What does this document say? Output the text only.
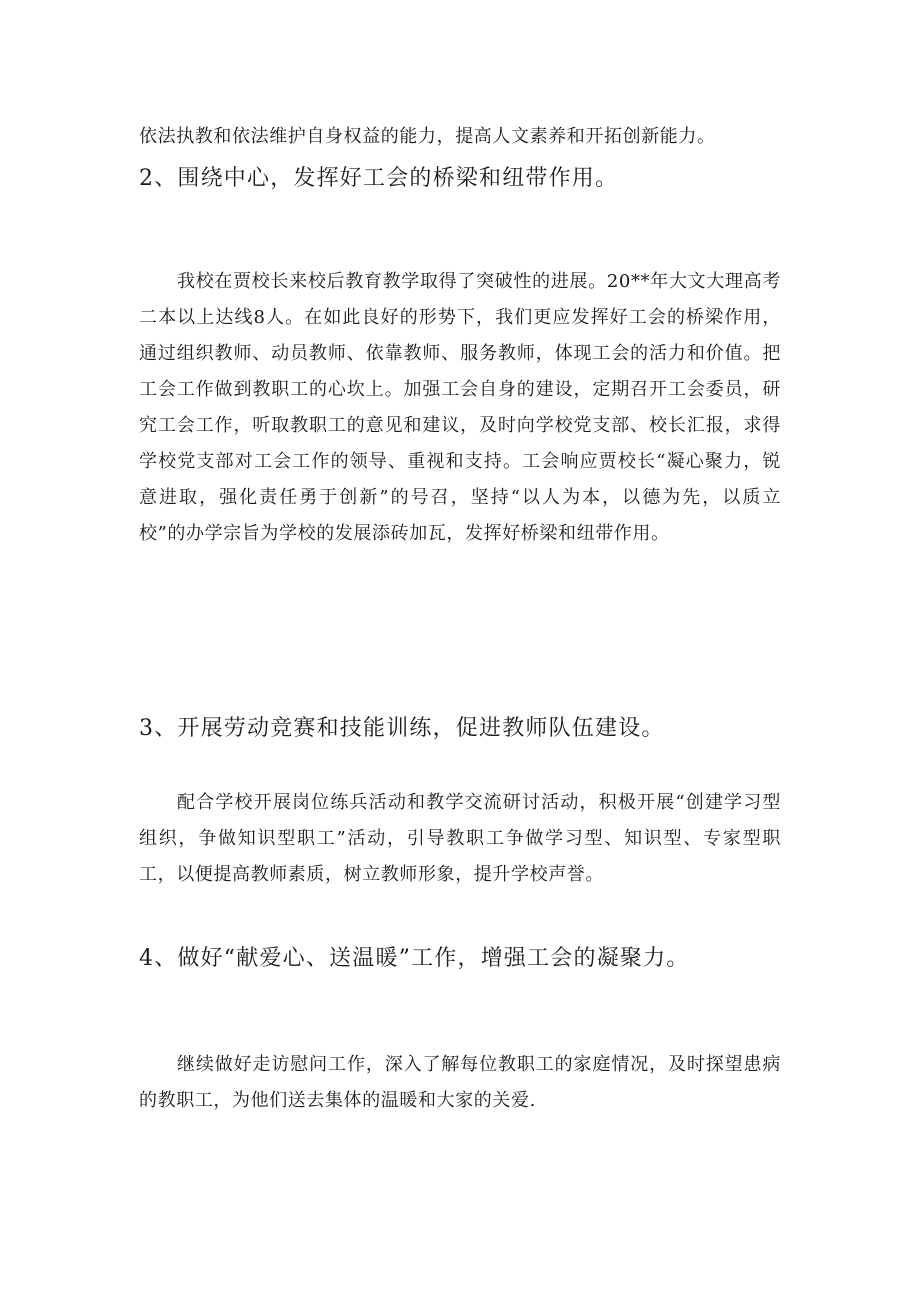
依法执教和依法维护自身权益的能力，提高人文素养和开拓创新能力。

2、围绕中心，发挥好工会的桥梁和纽带作用。

我校在贾校长来校后教育教学取得了突破性的进展。20**年大文大理高考二本以上达线8人。在如此良好的形势下，我们更应发挥好工会的桥梁作用，通过组织教师、动员教师、依靠教师、服务教师，体现工会的活力和价值。把工会工作做到教职工的心坎上。加强工会自身的建设，定期召开工会委员，研究工会工作，听取教职工的意见和建议，及时向学校党支部、校长汇报，求得学校党支部对工会工作的领导、重视和支持。工会响应贾校长“凝心聚力，锐意进取，强化责任勇于创新”的号召，坚持“以人为本，以德为先，以质立校”的办学宗旨为学校的发展添砖加瓦，发挥好桥梁和纽带作用。

3、开展劳动竞赛和技能训练，促进教师队伍建设。

配合学校开展岗位练兵活动和教学交流研讨活动，积极开展“创建学习型组织，争做知识型职工”活动，引导教职工争做学习型、知识型、专家型职工，以便提高教师素质，树立教师形象，提升学校声誉。

4、做好“献爱心、送温暖”工作，增强工会的凝聚力。

继续做好走访慰问工作，深入了解每位教职工的家庭情况，及时探望患病的教职工，为他们送去集体的温暖和大家的关爱.
